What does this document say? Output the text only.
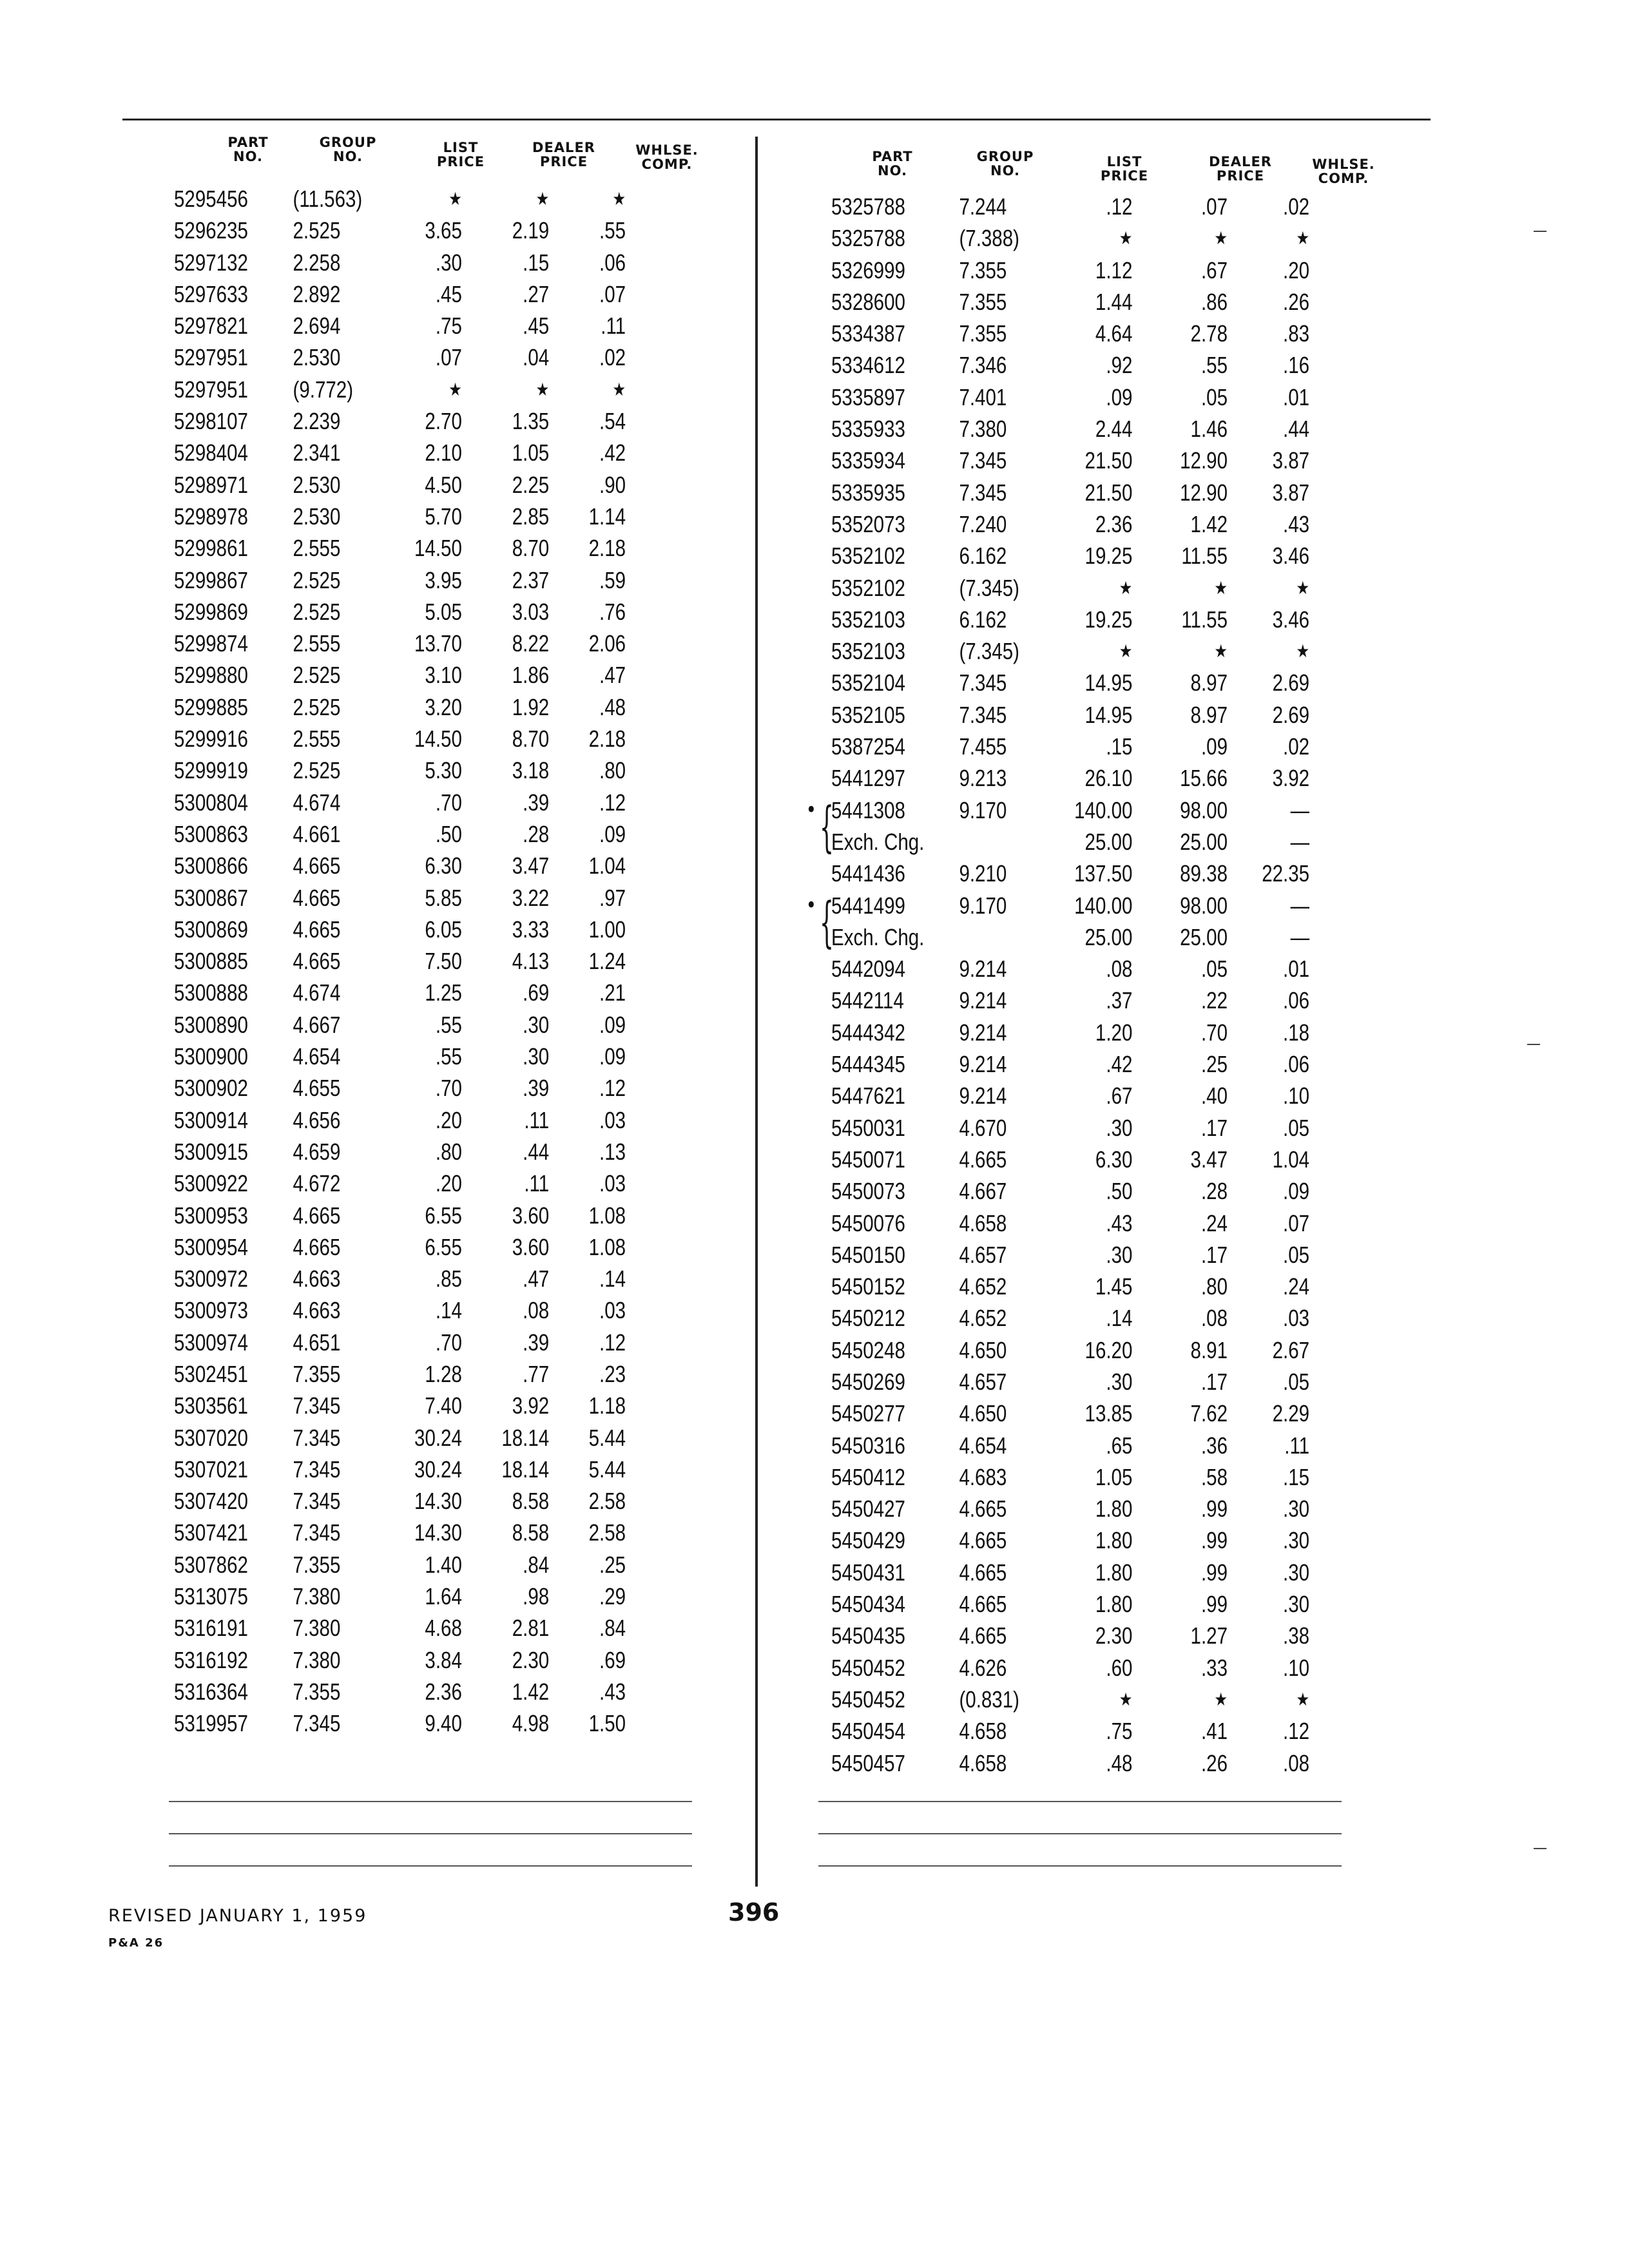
PART
NO.
GROUP
NO.
LIST
PRICE
DEALER
PRICE
WHLSE.
COMP.
5295456 (11.563)	★	★	★
5296235 2.525	3.65	2.19	.55
5297132 2.258	.30	.15	.06
5297633 2.892	.45	.27	.07
5297821 2.694	.75	.45	.11
5297951 2.530	.07	.04	.02
5297951 (9.772)	★	★	★
5298107 2.239	2.70	1.35	.54
5298404 2.341	2.10	1.05	.42
5298971 2.530	4.50	2.25	.90
5298978 2.530	5.70	2.85	1.14
5299861 2.555	14.50	8.70	2.18
5299867 2.525	3.95	2.37	.59
5299869 2.525	5.05	3.03	.76
5299874 2.555	13.70	8.22	2.06
5299880 2.525	3.10	1.86	.47
5299885 2.525	3.20	1.92	.48
5299916 2.555	14.50	8.70	2.18
5299919 2.525	5.30	3.18	.80
5300804 4.674	.70	.39	.12
5300863 4.661	.50	.28	.09
5300866 4.665	6.30	3.47	1.04
5300867 4.665	5.85	3.22	.97
5300869 4.665	6.05	3.33	1.00
5300885 4.665	7.50	4.13	1.24
5300888 4.674	1.25	.69	.21
5300890 4.667	.55	.30	.09
5300900 4.654	.55	.30	.09
5300902 4.655	.70	.39	.12
5300914 4.656	.20	.11	.03
5300915 4.659	.80	.44	.13
5300922 4.672	.20	.11	.03
5300953 4.665	6.55	3.60	1.08
5300954 4.665	6.55	3.60	1.08
5300972 4.663	.85	.47	.14
5300973 4.663	.14	.08	.03
5300974 4.651	.70	.39	.12
5302451 7.355	1.28	.77	.23
5303561 7.345	7.40	3.92	1.18
5307020 7.345	30.24	18.14	5.44
5307021 7.345	30.24	18.14	5.44
5307420 7.345	14.30	8.58	2.58
5307421 7.345	14.30	8.58	2.58
5307862 7.355	1.40	.84	.25
5313075 7.380	1.64	.98	.29
5316191 7.380	4.68	2.81	.84
5316192 7.380	3.84	2.30	.69
5316364 7.355	2.36	1.42	.43
5319957 7.345	9.40	4.98	1.50
PART
NO.
GROUP
NO.
LIST
PRICE
DEALER
PRICE
WHLSE.
COMP.
5325788 7.244	.12	.07	.02
5325788 (7.388)	★	★	★
5326999 7.355	1.12	.67	.20
5328600 7.355	1.44	.86	.26
5334387 7.355	4.64	2.78	.83
5334612 7.346	.92	.55	.16
5335897 7.401	.09	.05	.01
5335933 7.380	2.44	1.46	.44
5335934 7.345	21.50	12.90	3.87
5335935 7.345	21.50	12.90	3.87
5352073 7.240	2.36	1.42	.43
5352102 6.162	19.25	11.55	3.46
5352102 (7.345)	★	★	★
5352103 6.162	19.25	11.55	3.46
5352103 (7.345)	★	★	★
5352104 7.345	14.95	8.97	2.69
5352105 7.345	14.95	8.97	2.69
5387254 7.455	.15	.09	.02
5441297 9.213	26.10	15.66	3.92
• {
5441308 9.170	140.00	98.00	—
Exch. Chg.	25.00	25.00	—
5441436 9.210	137.50	89.38	22.35
• {
5441499 9.170	140.00	98.00	—
Exch. Chg.	25.00	25.00	—
5442094 9.214	.08	.05	.01
5442114 9.214	.37	.22	.06
5444342 9.214	1.20	.70	.18
5444345 9.214	.42	.25	.06
5447621 9.214	.67	.40	.10
5450031 4.670	.30	.17	.05
5450071 4.665	6.30	3.47	1.04
5450073 4.667	.50	.28	.09
5450076 4.658	.43	.24	.07
5450150 4.657	.30	.17	.05
5450152 4.652	1.45	.80	.24
5450212 4.652	.14	.08	.03
5450248 4.650	16.20	8.91	2.67
5450269 4.657	.30	.17	.05
5450277 4.650	13.85	7.62	2.29
5450316 4.654	.65	.36	.11
5450412 4.683	1.05	.58	.15
5450427 4.665	1.80	.99	.30
5450429 4.665	1.80	.99	.30
5450431 4.665	1.80	.99	.30
5450434 4.665	1.80	.99	.30
5450435 4.665	2.30	1.27	.38
5450452 4.626	.60	.33	.10
5450452 (0.831)	★	★	★
5450454 4.658	.75	.41	.12
5450457 4.658	.48	.26	.08
REVISED JANUARY 1, 1959
P&A 26
396
